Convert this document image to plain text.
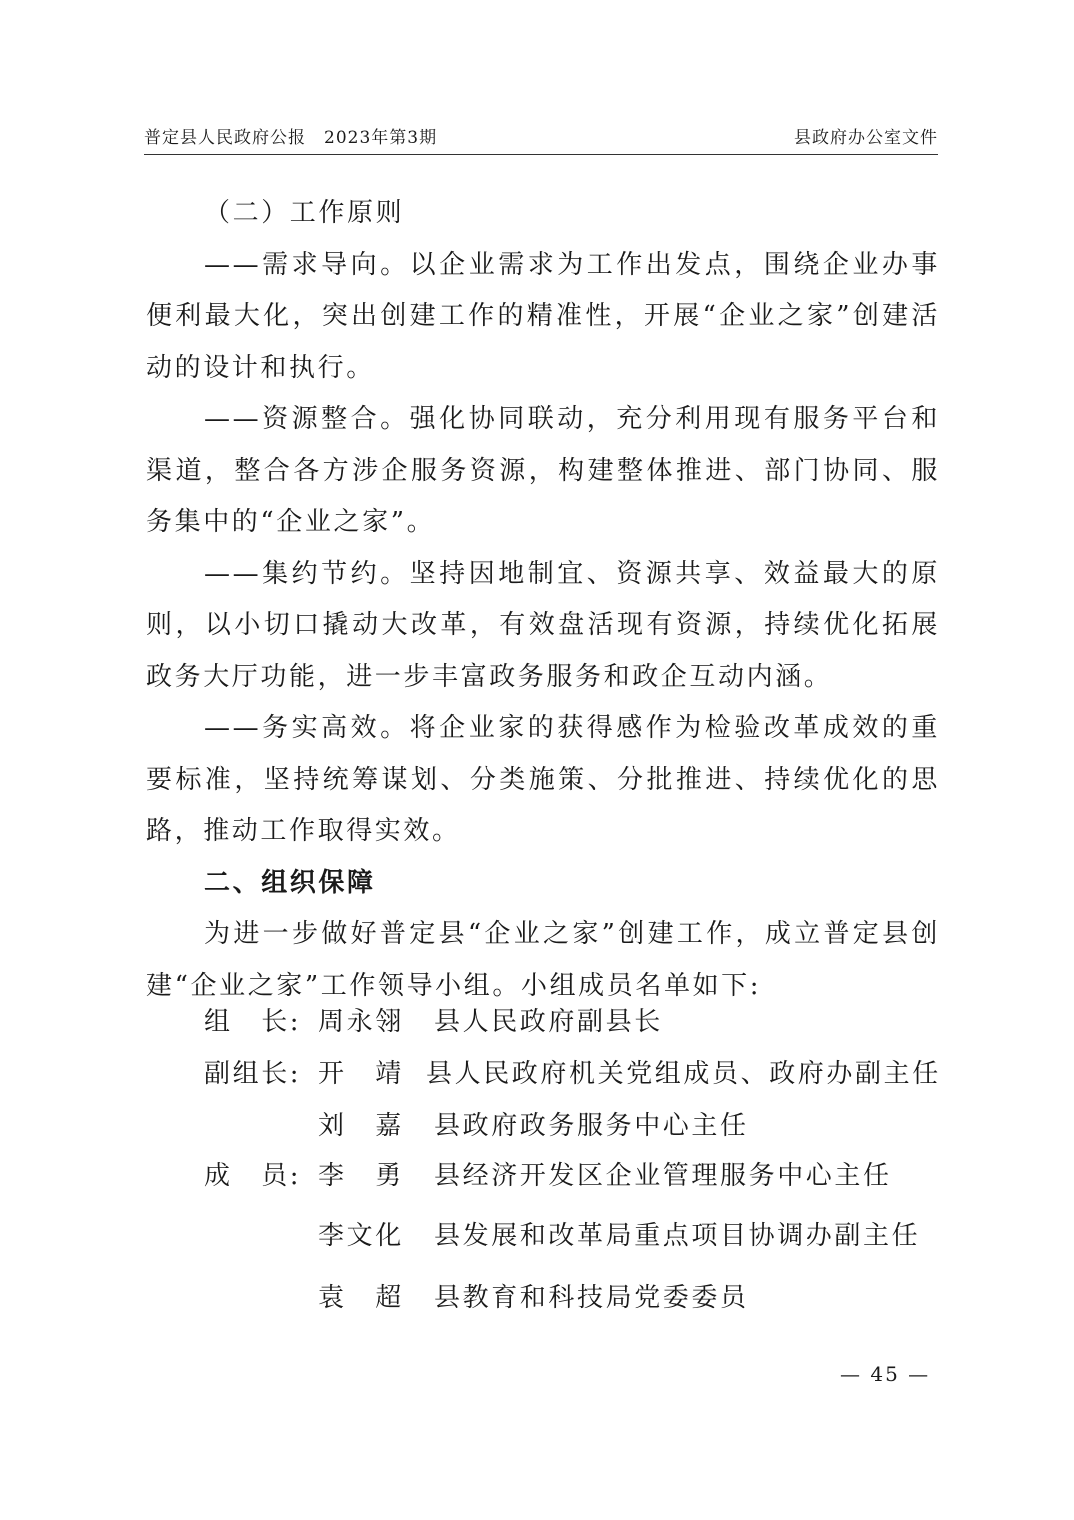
普定县人民政府公报　2023年第3期	县政府办公室文件

（二）工作原则

——需求导向。以企业需求为工作出发点，围绕企业办事便利最大化，突出创建工作的精准性，开展“企业之家”创建活动的设计和执行。

——资源整合。强化协同联动，充分利用现有服务平台和渠道，整合各方涉企服务资源，构建整体推进、部门协同、服务集中的“企业之家”。

——集约节约。坚持因地制宜、资源共享、效益最大的原则，以小切口撬动大改革，有效盘活现有资源，持续优化拓展政务大厅功能，进一步丰富政务服务和政企互动内涵。

——务实高效。将企业家的获得感作为检验改革成效的重要标准，坚持统筹谋划、分类施策、分批推进、持续优化的思路，推动工作取得实效。

二、组织保障

为进一步做好普定县“企业之家”创建工作，成立普定县创建“企业之家”工作领导小组。小组成员名单如下:

组　长: 周永翎 县人民政府副县长
副组长: 开　靖 县人民政府机关党组成员、政府办副主任
刘　嘉 县政府政务服务中心主任
成　员: 李　勇 县经济开发区企业管理服务中心主任
李文化 县发展和改革局重点项目协调办副主任
袁　超 县教育和科技局党委委员
— 45 —
